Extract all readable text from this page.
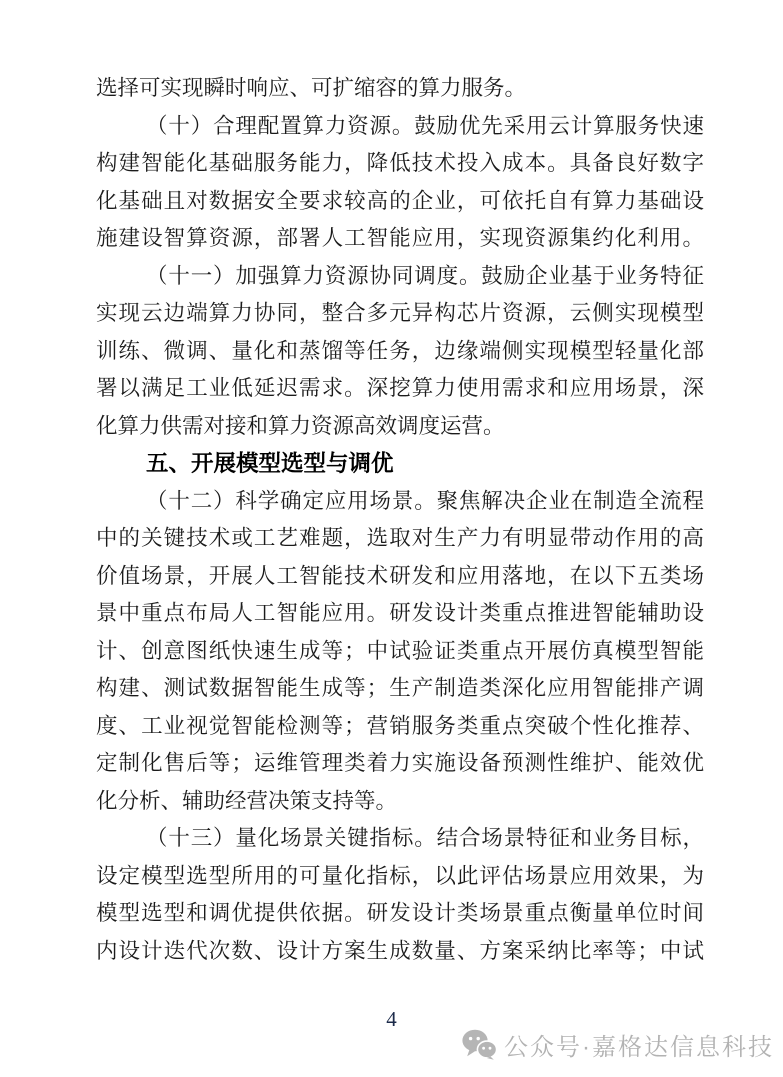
选择可实现瞬时响应、可扩缩容的算力服务。
（十）合理配置算力资源。鼓励优先采用云计算服务快速
构建智能化基础服务能力，降低技术投入成本。具备良好数字
化基础且对数据安全要求较高的企业，可依托自有算力基础设
施建设智算资源，部署人工智能应用，实现资源集约化利用。
（十一）加强算力资源协同调度。鼓励企业基于业务特征
实现云边端算力协同，整合多元异构芯片资源，云侧实现模型
训练、微调、量化和蒸馏等任务，边缘端侧实现模型轻量化部
署以满足工业低延迟需求。深挖算力使用需求和应用场景，深
化算力供需对接和算力资源高效调度运营。
五、开展模型选型与调优
（十二）科学确定应用场景。聚焦解决企业在制造全流程
中的关键技术或工艺难题，选取对生产力有明显带动作用的高
价值场景，开展人工智能技术研发和应用落地，在以下五类场
景中重点布局人工智能应用。研发设计类重点推进智能辅助设
计、创意图纸快速生成等；中试验证类重点开展仿真模型智能
构建、测试数据智能生成等；生产制造类深化应用智能排产调
度、工业视觉智能检测等；营销服务类重点突破个性化推荐、
定制化售后等；运维管理类着力实施设备预测性维护、能效优
化分析、辅助经营决策支持等。
（十三）量化场景关键指标。结合场景特征和业务目标，
设定模型选型所用的可量化指标，以此评估场景应用效果，为
模型选型和调优提供依据。研发设计类场景重点衡量单位时间
内设计迭代次数、设计方案生成数量、方案采纳比率等；中试
4
公众号·嘉格达信息科技
